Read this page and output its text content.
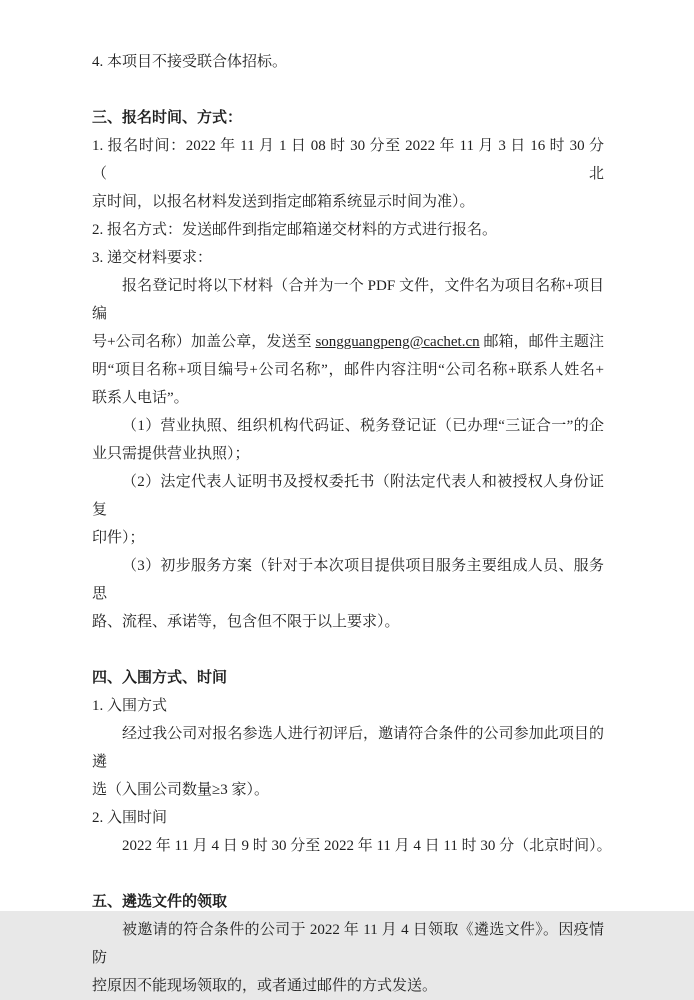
4. 本项目不接受联合体招标。
三、报名时间、方式：
1. 报名时间：2022 年 11 月 1 日 08 时 30 分至 2022 年 11 月 3 日 16 时 30 分（北
京时间，以报名材料发送到指定邮箱系统显示时间为准）。
2. 报名方式：发送邮件到指定邮箱递交材料的方式进行报名。
3. 递交材料要求：
报名登记时将以下材料（合并为一个 PDF 文件，文件名为项目名称+项目编
号+公司名称）加盖公章，发送至 songguangpeng@cachet.cn 邮箱，邮件主题注
明“项目名称+项目编号+公司名称”，邮件内容注明“公司名称+联系人姓名+
联系人电话”。
（1）营业执照、组织机构代码证、税务登记证（已办理“三证合一”的企
业只需提供营业执照）；
（2）法定代表人证明书及授权委托书（附法定代表人和被授权人身份证复
印件）；
（3）初步服务方案（针对于本次项目提供项目服务主要组成人员、服务思
路、流程、承诺等，包含但不限于以上要求）。
四、入围方式、时间
1. 入围方式
经过我公司对报名参选人进行初评后，邀请符合条件的公司参加此项目的遴
选（入围公司数量≥3 家）。
2. 入围时间
2022 年 11 月 4 日 9 时 30 分至 2022 年 11 月 4 日 11 时 30 分（北京时间）。
五、遴选文件的领取
被邀请的符合条件的公司于 2022 年 11 月 4 日领取《遴选文件》。因疫情防
控原因不能现场领取的，或者通过邮件的方式发送。
